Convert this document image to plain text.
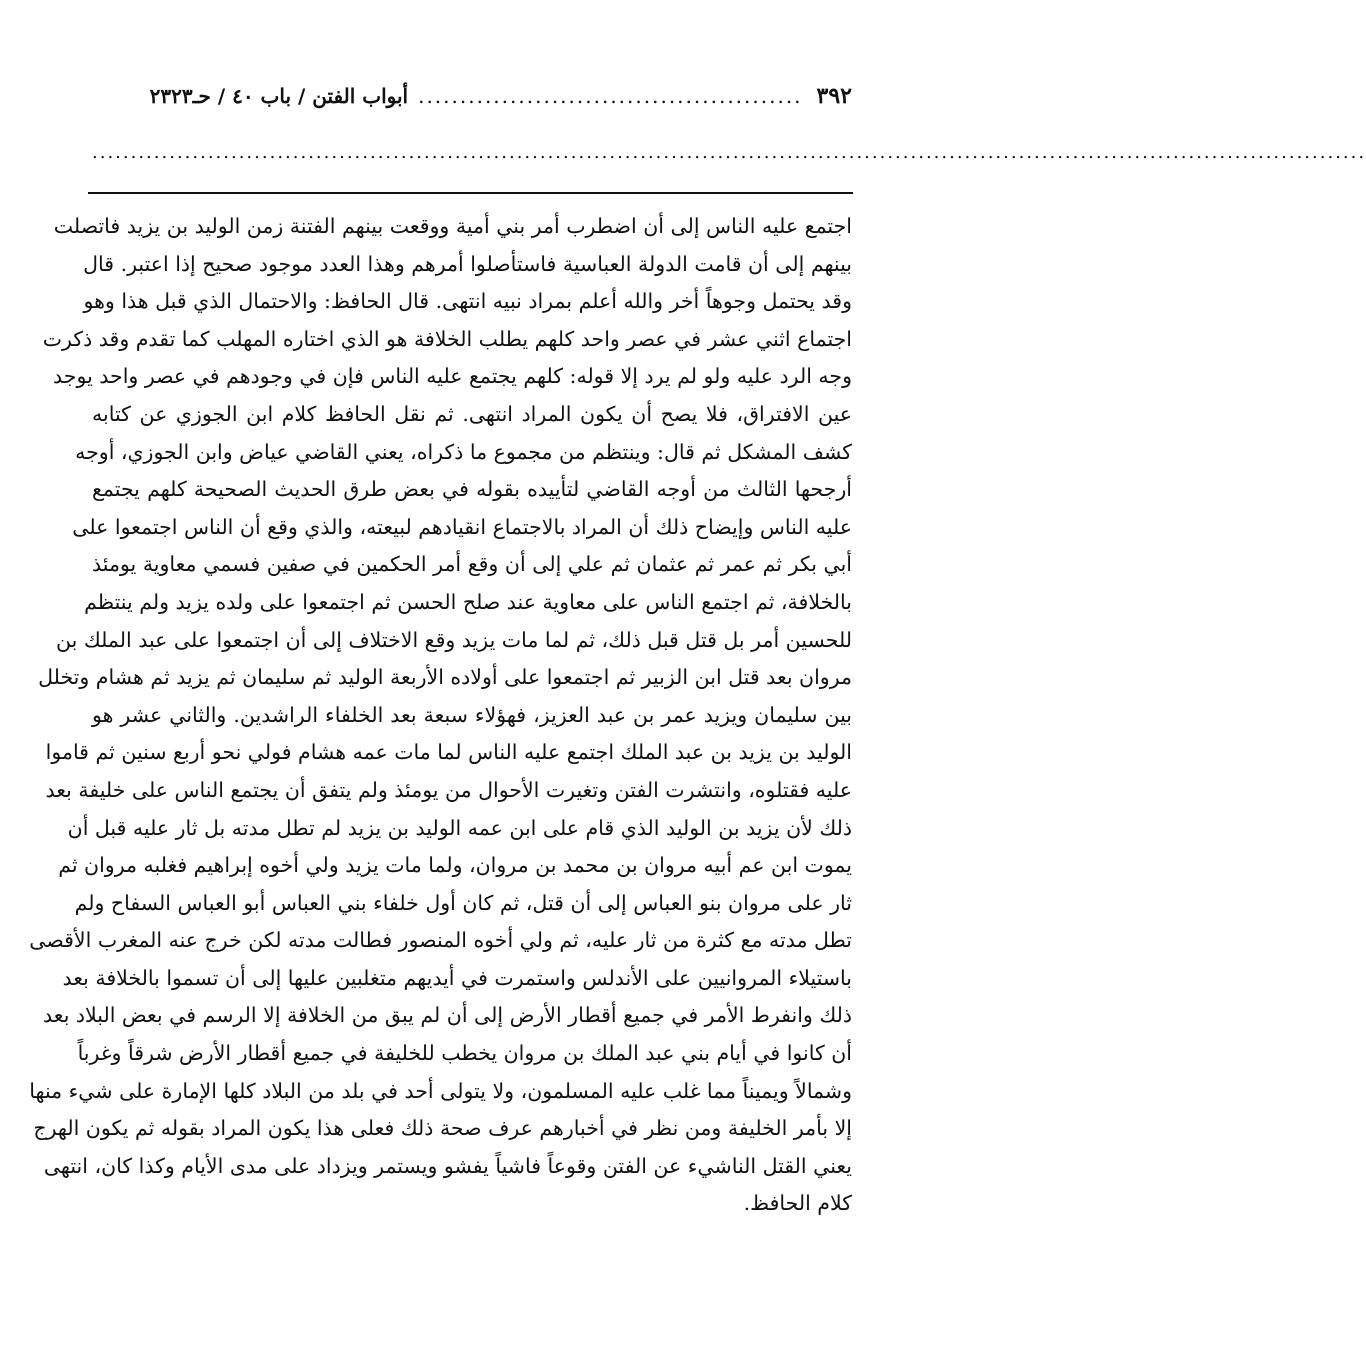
٣٩٢
..............................................
أبواب الفتن / باب ٤٠ / حـ٢٣٢٣
.....................................................................................................................................................................
اجتمع عليه الناس إلى أن اضطرب أمر بني أمية ووقعت بينهم الفتنة زمن الوليد بن يزيد فاتصلت
بينهم إلى أن قامت الدولة العباسية فاستأصلوا أمرهم وهذا العدد موجود صحيح إذا اعتبر. قال
وقد يحتمل وجوهاً أخر والله أعلم بمراد نبيه انتهى. قال الحافظ: والاحتمال الذي قبل هذا وهو
اجتماع اثني عشر في عصر واحد كلهم يطلب الخلافة هو الذي اختاره المهلب كما تقدم وقد ذكرت
وجه الرد عليه ولو لم يرد إلا قوله: كلهم يجتمع عليه الناس فإن في وجودهم في عصر واحد يوجد
عين الافتراق، فلا يصح أن يكون المراد انتهى. ثم نقل الحافظ كلام ابن الجوزي عن كتابه
كشف المشكل ثم قال: وينتظم من مجموع ما ذكراه، يعني القاضي عياض وابن الجوزي، أوجه
أرجحها الثالث من أوجه القاضي لتأييده بقوله في بعض طرق الحديث الصحيحة كلهم يجتمع
عليه الناس وإيضاح ذلك أن المراد بالاجتماع انقيادهم لبيعته، والذي وقع أن الناس اجتمعوا على
أبي بكر ثم عمر ثم عثمان ثم علي إلى أن وقع أمر الحكمين في صفين فسمي معاوية يومئذ
بالخلافة، ثم اجتمع الناس على معاوية عند صلح الحسن ثم اجتمعوا على ولده يزيد ولم ينتظم
للحسين أمر بل قتل قبل ذلك، ثم لما مات يزيد وقع الاختلاف إلى أن اجتمعوا على عبد الملك بن
مروان بعد قتل ابن الزبير ثم اجتمعوا على أولاده الأربعة الوليد ثم سليمان ثم يزيد ثم هشام وتخلل
بين سليمان ويزيد عمر بن عبد العزيز، فهؤلاء سبعة بعد الخلفاء الراشدين. والثاني عشر هو
الوليد بن يزيد بن عبد الملك اجتمع عليه الناس لما مات عمه هشام فولي نحو أربع سنين ثم قاموا
عليه فقتلوه، وانتشرت الفتن وتغيرت الأحوال من يومئذ ولم يتفق أن يجتمع الناس على خليفة بعد
ذلك لأن يزيد بن الوليد الذي قام على ابن عمه الوليد بن يزيد لم تطل مدته بل ثار عليه قبل أن
يموت ابن عم أبيه مروان بن محمد بن مروان، ولما مات يزيد ولي أخوه إبراهيم فغلبه مروان ثم
ثار على مروان بنو العباس إلى أن قتل، ثم كان أول خلفاء بني العباس أبو العباس السفاح ولم
تطل مدته مع كثرة من ثار عليه، ثم ولي أخوه المنصور فطالت مدته لكن خرج عنه المغرب الأقصى
باستيلاء المروانيين على الأندلس واستمرت في أيديهم متغلبين عليها إلى أن تسموا بالخلافة بعد
ذلك وانفرط الأمر في جميع أقطار الأرض إلى أن لم يبق من الخلافة إلا الرسم في بعض البلاد بعد
أن كانوا في أيام بني عبد الملك بن مروان يخطب للخليفة في جميع أقطار الأرض شرقاً وغرباً
وشمالاً ويميناً مما غلب عليه المسلمون، ولا يتولى أحد في بلد من البلاد كلها الإمارة على شيء منها
إلا بأمر الخليفة ومن نظر في أخبارهم عرف صحة ذلك فعلى هذا يكون المراد بقوله ثم يكون الهرج
يعني القتل الناشيء عن الفتن وقوعاً فاشياً يفشو ويستمر ويزداد على مدى الأيام وكذا كان، انتهى
كلام الحافظ.
